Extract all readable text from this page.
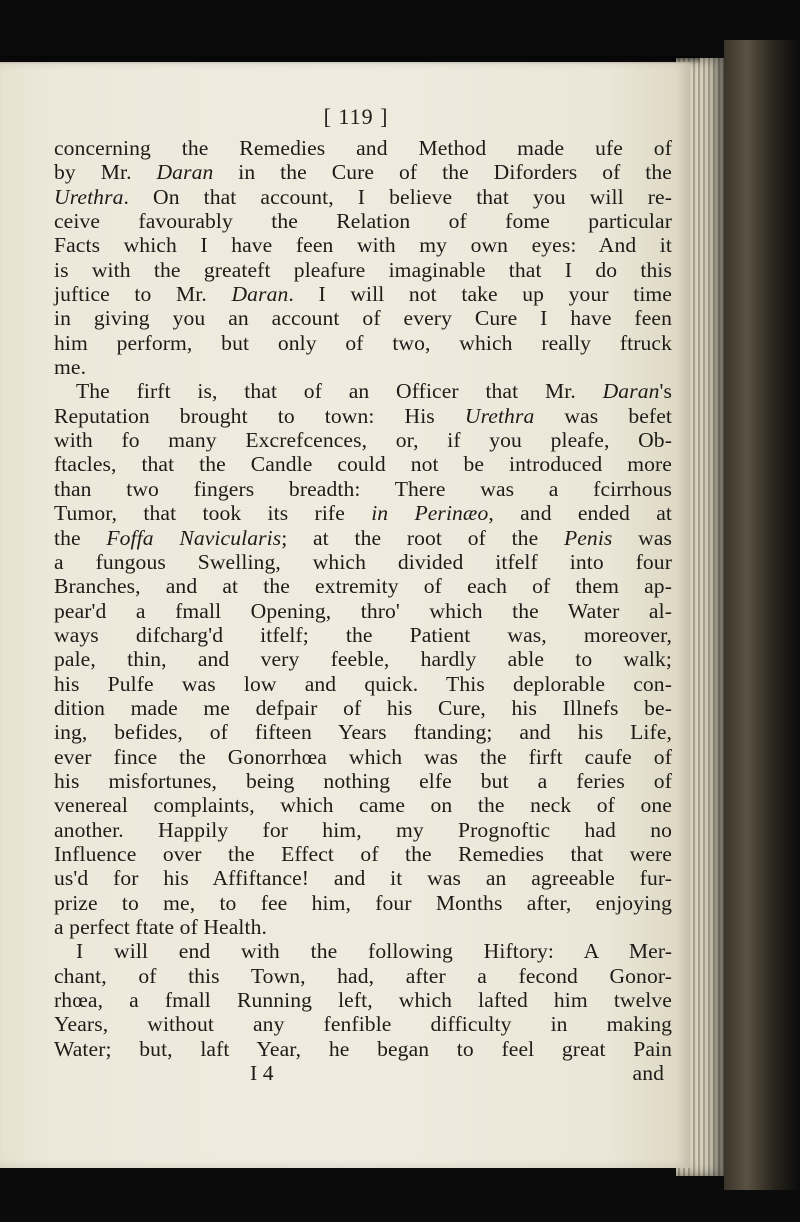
[ 119 ]
concerning the Remedies and Method made ufe of
by Mr. Daran in the Cure of the Diforders of the
Urethra. On that account, I believe that you will re-
ceive favourably the Relation of fome particular
Facts which I have feen with my own eyes: And it
is with the greateft pleafure imaginable that I do this
juftice to Mr. Daran. I will not take up your time
in giving you an account of every Cure I have feen
him perform, but only of two, which really ftruck
me.
The firft is, that of an Officer that Mr. Daran's
Reputation brought to town: His Urethra was befet
with fo many Excrefcences, or, if you pleafe, Ob-
ftacles, that the Candle could not be introduced more
than two fingers breadth: There was a fcirrhous
Tumor, that took its rife in Perinæo, and ended at
the Foffa Navicularis; at the root of the Penis was
a fungous Swelling, which divided itfelf into four
Branches, and at the extremity of each of them ap-
pear'd a fmall Opening, thro' which the Water al-
ways difcharg'd itfelf; the Patient was, moreover,
pale, thin, and very feeble, hardly able to walk;
his Pulfe was low and quick. This deplorable con-
dition made me defpair of his Cure, his Illnefs be-
ing, befides, of fifteen Years ftanding; and his Life,
ever fince the Gonorrhœa which was the firft caufe of
his misfortunes, being nothing elfe but a feries of
venereal complaints, which came on the neck of one
another. Happily for him, my Prognoftic had no
Influence over the Effect of the Remedies that were
us'd for his Affiftance! and it was an agreeable fur-
prize to me, to fee him, four Months after, enjoying
a perfect ftate of Health.
I will end with the following Hiftory: A Mer-
chant, of this Town, had, after a fecond Gonor-
rhœa, a fmall Running left, which lafted him twelve
Years, without any fenfible difficulty in making
Water; but, laft Year, he began to feel great Pain
I 4	and
